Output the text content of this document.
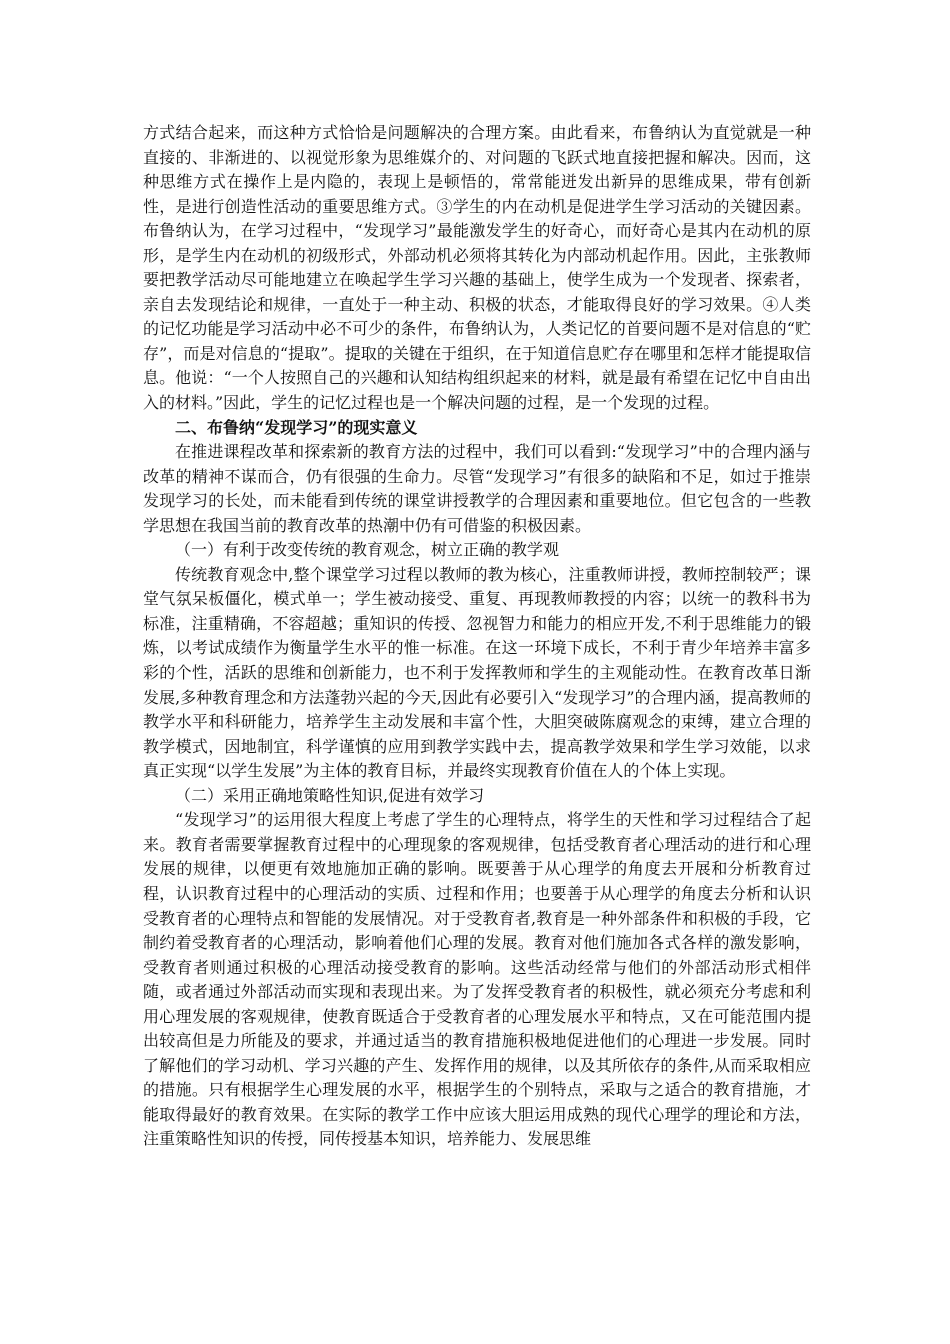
方式结合起来，而这种方式恰恰是问题解决的合理方案。由此看来，布鲁纳认为直觉就是一种直接的、非渐进的、以视觉形象为思维媒介的、对问题的飞跃式地直接把握和解决。因而，这种思维方式在操作上是内隐的，表现上是顿悟的，常常能迸发出新异的思维成果，带有创新性，是进行创造性活动的重要思维方式。③学生的内在动机是促进学生学习活动的关键因素。布鲁纳认为，在学习过程中，“发现学习”最能激发学生的好奇心，而好奇心是其内在动机的原形，是学生内在动机的初级形式，外部动机必须将其转化为内部动机起作用。因此，主张教师要把教学活动尽可能地建立在唤起学生学习兴趣的基础上，使学生成为一个发现者、探索者，亲自去发现结论和规律，一直处于一种主动、积极的状态，才能取得良好的学习效果。④人类的记忆功能是学习活动中必不可少的条件，布鲁纳认为，人类记忆的首要问题不是对信息的“贮存”，而是对信息的“提取”。提取的关键在于组织，在于知道信息贮存在哪里和怎样才能提取信息。他说：“一个人按照自己的兴趣和认知结构组织起来的材料，就是最有希望在记忆中自由出入的材料。”因此，学生的记忆过程也是一个解决问题的过程，是一个发现的过程。

二、布鲁纳“发现学习”的现实意义

在推进课程改革和探索新的教育方法的过程中，我们可以看到:“发现学习”中的合理内涵与改革的精神不谋而合，仍有很强的生命力。尽管“发现学习”有很多的缺陷和不足，如过于推崇发现学习的长处，而未能看到传统的课堂讲授教学的合理因素和重要地位。但它包含的一些教学思想在我国当前的教育改革的热潮中仍有可借鉴的积极因素。

（一）有利于改变传统的教育观念，树立正确的教学观

传统教育观念中,整个课堂学习过程以教师的教为核心，注重教师讲授，教师控制较严；课堂气氛呆板僵化，模式单一；学生被动接受、重复、再现教师教授的内容；以统一的教科书为标准，注重精确，不容超越；重知识的传授、忽视智力和能力的相应开发,不利于思维能力的锻炼，以考试成绩作为衡量学生水平的惟一标准。在这一环境下成长，不利于青少年培养丰富多彩的个性，活跃的思维和创新能力，也不利于发挥教师和学生的主观能动性。在教育改革日渐发展,多种教育理念和方法蓬勃兴起的今天,因此有必要引入“发现学习”的合理内涵，提高教师的教学水平和科研能力，培养学生主动发展和丰富个性，大胆突破陈腐观念的束缚，建立合理的教学模式，因地制宜，科学谨慎的应用到教学实践中去，提高教学效果和学生学习效能，以求真正实现“以学生发展”为主体的教育目标，并最终实现教育价值在人的个体上实现。

（二）采用正确地策略性知识,促进有效学习

“发现学习”的运用很大程度上考虑了学生的心理特点，将学生的天性和学习过程结合了起来。教育者需要掌握教育过程中的心理现象的客观规律，包括受教育者心理活动的进行和心理发展的规律，以便更有效地施加正确的影响。既要善于从心理学的角度去开展和分析教育过程，认识教育过程中的心理活动的实质、过程和作用；也要善于从心理学的角度去分析和认识受教育者的心理特点和智能的发展情况。对于受教育者,教育是一种外部条件和积极的手段，它制约着受教育者的心理活动，影响着他们心理的发展。教育对他们施加各式各样的激发影响，受教育者则通过积极的心理活动接受教育的影响。这些活动经常与他们的外部活动形式相伴随，或者通过外部活动而实现和表现出来。为了发挥受教育者的积极性，就必须充分考虑和利用心理发展的客观规律，使教育既适合于受教育者的心理发展水平和特点，又在可能范围内提出较高但是力所能及的要求，并通过适当的教育措施积极地促进他们的心理进一步发展。同时了解他们的学习动机、学习兴趣的产生、发挥作用的规律，以及其所依存的条件,从而采取相应的措施。只有根据学生心理发展的水平，根据学生的个别特点，采取与之适合的教育措施，才能取得最好的教育效果。在实际的教学工作中应该大胆运用成熟的现代心理学的理论和方法，注重策略性知识的传授，同传授基本知识，培养能力、发展思维
